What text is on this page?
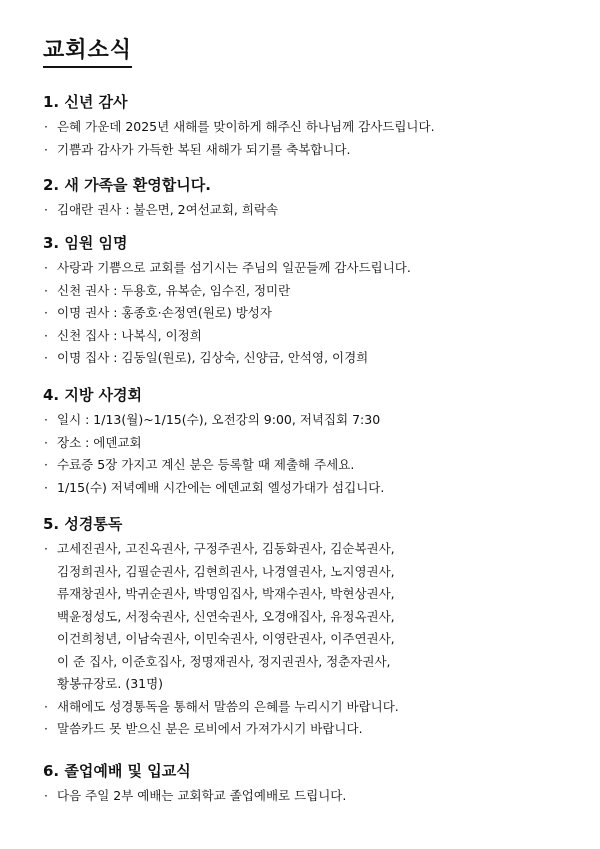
교회소식
1. 신년 감사
· 은혜 가운데 2025년 새해를 맞이하게 해주신 하나님께 감사드립니다.
· 기쁨과 감사가 가득한 복된 새해가 되기를 축복합니다.
2. 새 가족을 환영합니다.
· 김애란 권사 : 불은면, 2여선교회, 희락속
3. 임원 임명
· 사랑과 기쁨으로 교회를 섬기시는 주님의 일꾼들께 감사드립니다.
· 신천 권사 : 두용호, 유복순, 임수진, 정미란
· 이명 권사 : 홍종호·손정연(원로) 방성자
· 신천 집사 : 나복식, 이정희
· 이명 집사 : 김동일(원로), 김상숙, 신양금, 안석영, 이경희
4. 지방 사경회
· 일시 : 1/13(월)~1/15(수), 오전강의 9:00, 저녁집회 7:30
· 장소 : 에덴교회
· 수료증 5장 가지고 계신 분은 등록할 때 제출해 주세요.
· 1/15(수) 저녁예배 시간에는 에덴교회 엘성가대가 섬깁니다.
5. 성경통독
· 고세진권사, 고진옥권사, 구정주권사, 김동화권사, 김순복권사,
김정희권사, 김필순권사, 김현희권사, 나경열권사, 노지영권사,
류재창권사, 박귀순권사, 박명임집사, 박재수권사, 박현상권사,
백윤정성도, 서정숙권사, 신연숙권사, 오경애집사, 유정옥권사,
이건희청년, 이남숙권사, 이민숙권사, 이영란권사, 이주연권사,
이 준 집사, 이준호집사, 정명재권사, 정지권권사, 정춘자권사,
황봉규장로. (31명)
· 새해에도 성경통독을 통해서 말씀의 은혜를 누리시기 바랍니다.
· 말씀카드 못 받으신 분은 로비에서 가져가시기 바랍니다.
6. 졸업예배 및 입교식
· 다음 주일 2부 예배는 교회학교 졸업예배로 드립니다.
